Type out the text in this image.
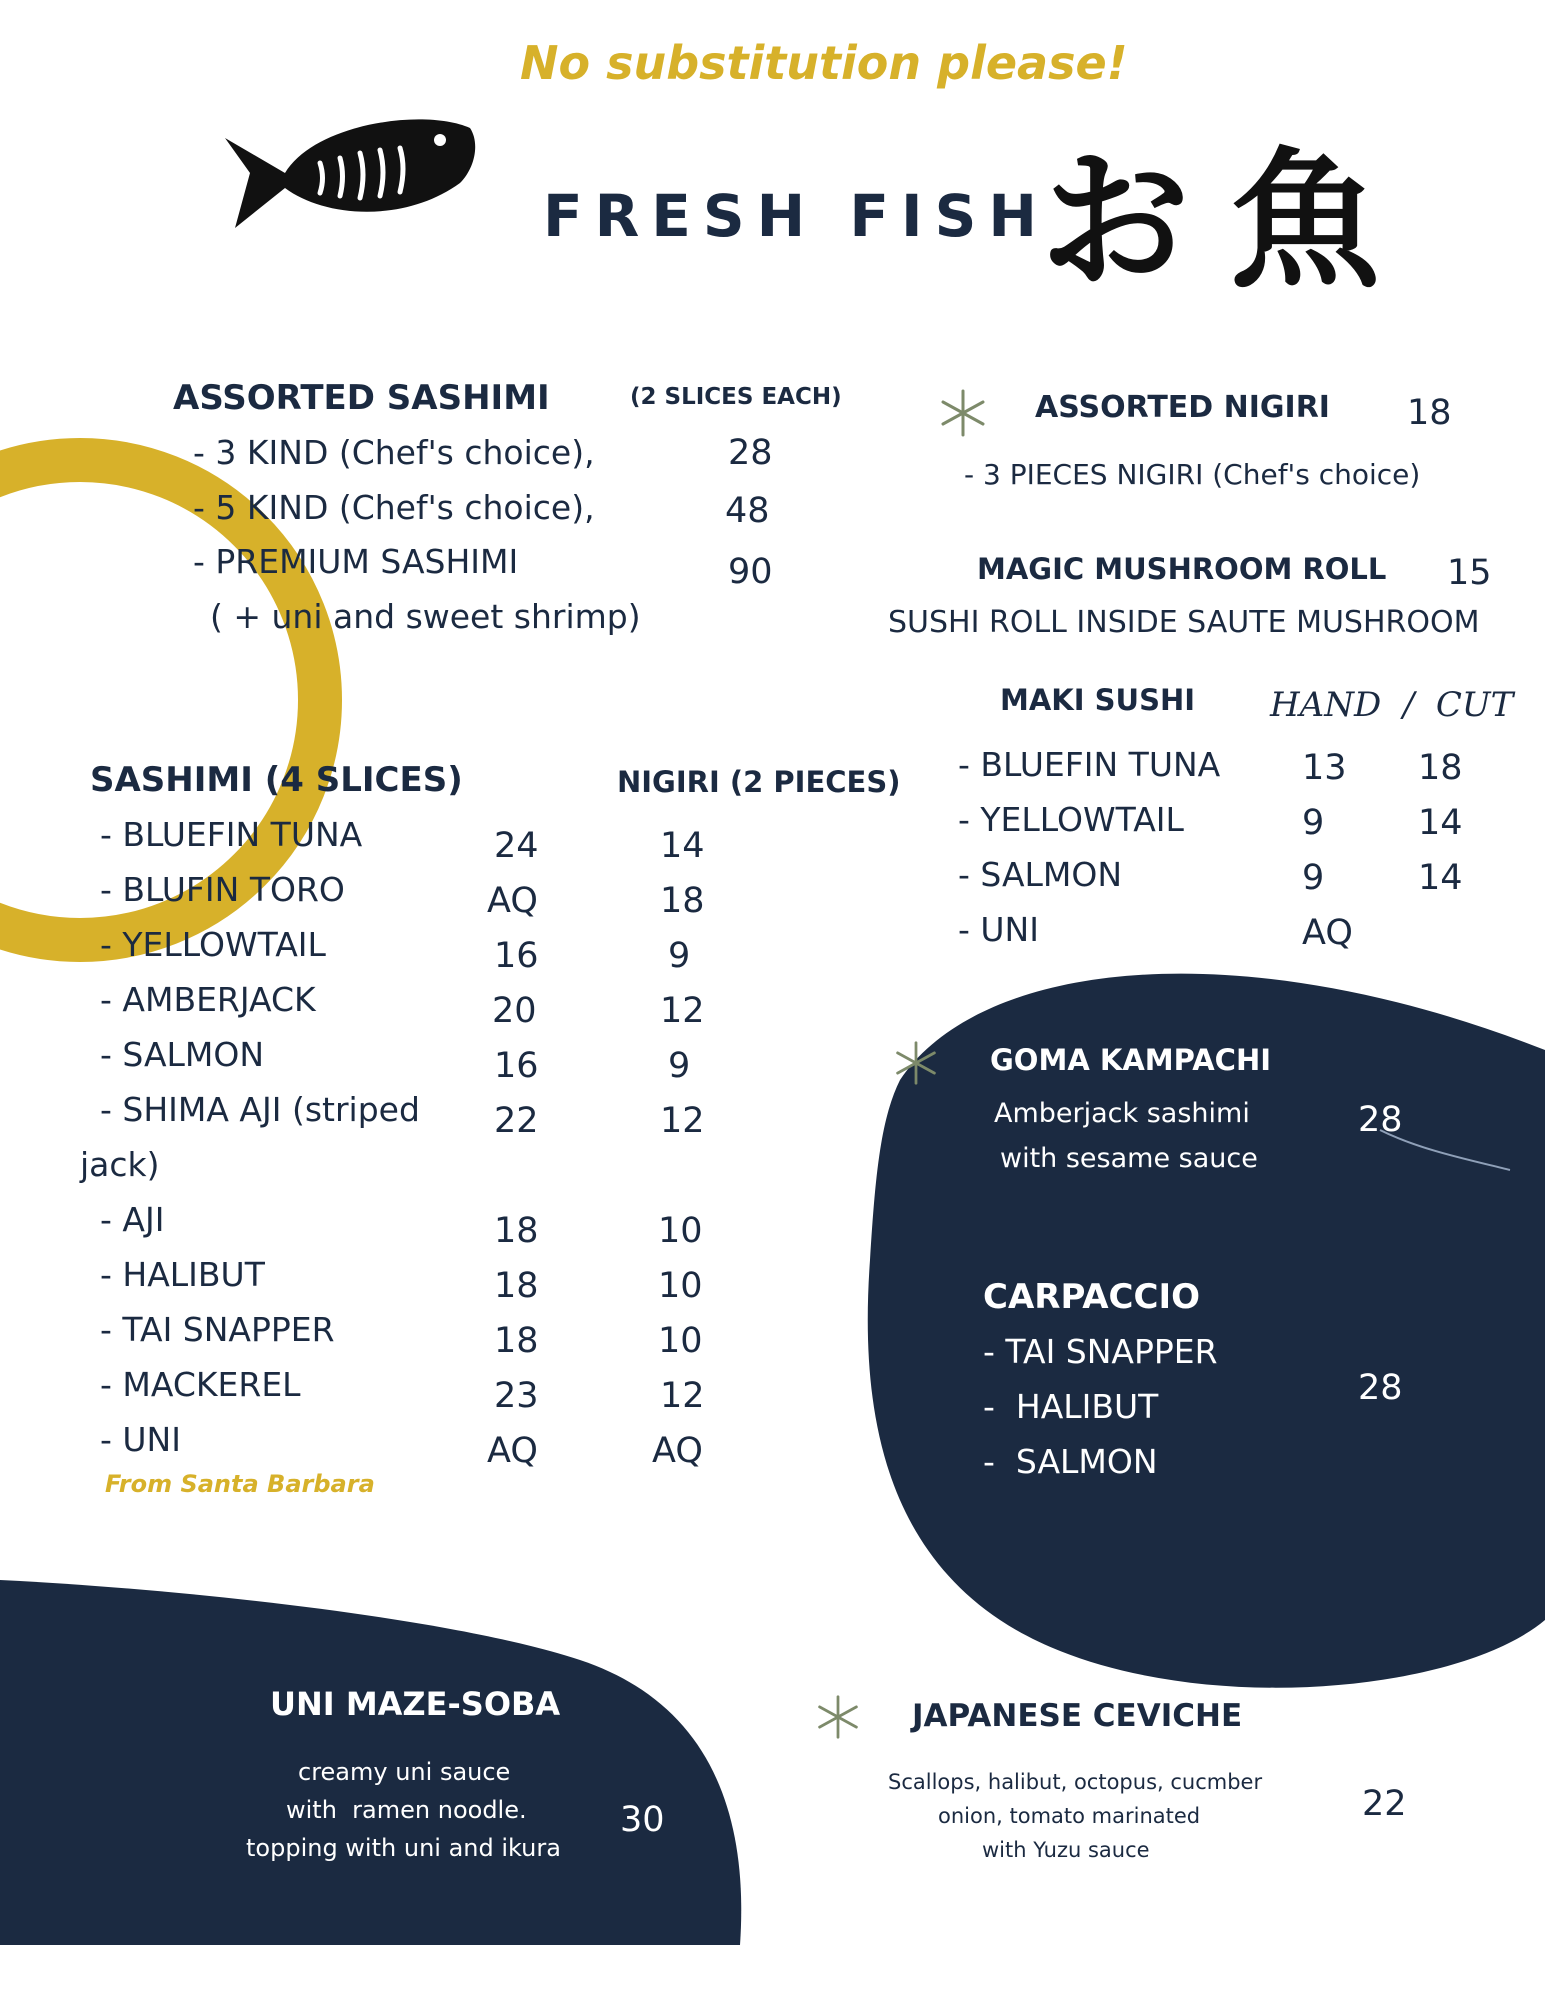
No substitution please!
FRESH FISH
お魚
ASSORTED SASHIMI	(2 SLICES EACH)
- 3 KIND (Chef's choice),	28
- 5 KIND (Chef's choice),	48
- PREMIUM SASHIMI	90
( + uni and sweet shrimp)
ASSORTED NIGIRI 18
- 3 PIECES NIGIRI (Chef's choice)
MAGIC MUSHROOM ROLL 15
SUSHI ROLL INSIDE SAUTE MUSHROOM
MAKI SUSHI HAND  /  CUT
- BLUEFIN TUNA 13 18
- YELLOWTAIL	9	14
- SALMON	9	14
- UNI	AQ
SASHIMI (4 SLICES)	NIGIRI (2 PIECES)
- BLUEFIN TUNA	24	14
- BLUFIN TORO	AQ	18
- YELLOWTAIL	16	9
- AMBERJACK	20	12
- SALMON	16	9
- SHIMA AJI (striped 22	12
jack)
- AJI	18	10
- HALIBUT	18	10
- TAI SNAPPER	18	10
- MACKEREL	23	12
- UNI	AQ	AQ
From Santa Barbara
GOMA KAMPACHI
Amberjack sashimi
with sesame sauce
28
CARPACCIO
- TAI SNAPPER
-  HALIBUT
-  SALMON
28
UNI MAZE-SOBA
creamy uni sauce
with  ramen noodle.
topping with uni and ikura
30
JAPANESE CEVICHE
Scallops, halibut, octopus, cucmber
onion, tomato marinated
with Yuzu sauce
22
